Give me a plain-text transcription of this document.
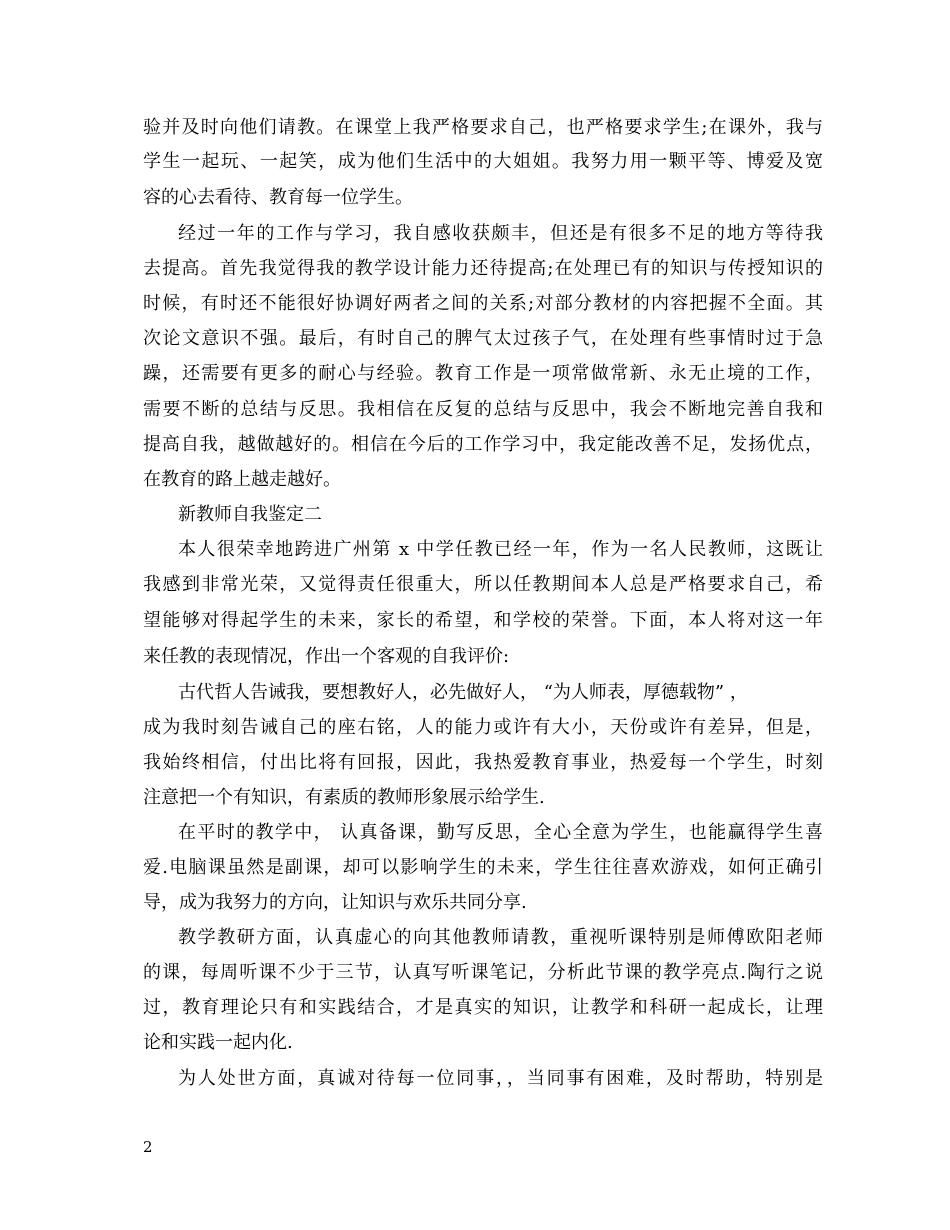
验并及时向他们请教。在课堂上我严格要求自己，也严格要求学生;在课外，我与
学生一起玩、一起笑，成为他们生活中的大姐姐。我努力用一颗平等、博爱及宽
容的心去看待、教育每一位学生。
经过一年的工作与学习，我自感收获颇丰，但还是有很多不足的地方等待我
去提高。首先我觉得我的教学设计能力还待提高;在处理已有的知识与传授知识的
时候，有时还不能很好协调好两者之间的关系;对部分教材的内容把握不全面。其
次论文意识不强。最后，有时自己的脾气太过孩子气，在处理有些事情时过于急
躁，还需要有更多的耐心与经验。教育工作是一项常做常新、永无止境的工作，
需要不断的总结与反思。我相信在反复的总结与反思中，我会不断地完善自我和
提高自我，越做越好的。相信在今后的工作学习中，我定能改善不足，发扬优点，
在教育的路上越走越好。
新教师自我鉴定二
本人很荣幸地跨进广州第 x 中学任教已经一年，作为一名人民教师，这既让
我感到非常光荣，又觉得责任很重大，所以任教期间本人总是严格要求自己，希
望能够对得起学生的未来，家长的希望，和学校的荣誉。下面，本人将对这一年
来任教的表现情况，作出一个客观的自我评价:
古代哲人告诫我，要想教好人，必先做好人， “为人师表，厚德载物” ，
成为我时刻告诫自己的座右铭，人的能力或许有大小，天份或许有差异，但是，
我始终相信，付出比将有回报，因此，我热爱教育事业，热爱每一个学生，时刻
注意把一个有知识，有素质的教师形象展示给学生.
在平时的教学中， 认真备课，勤写反思，全心全意为学生，也能赢得学生喜
爱.电脑课虽然是副课，却可以影响学生的未来，学生往往喜欢游戏，如何正确引
导，成为我努力的方向，让知识与欢乐共同分享.
教学教研方面，认真虚心的向其他教师请教，重视听课特别是师傅欧阳老师
的课，每周听课不少于三节，认真写听课笔记，分析此节课的教学亮点.陶行之说
过，教育理论只有和实践结合，才是真实的知识，让教学和科研一起成长，让理
论和实践一起内化.
为人处世方面，真诚对待每一位同事，，当同事有困难，及时帮助，特别是
2
